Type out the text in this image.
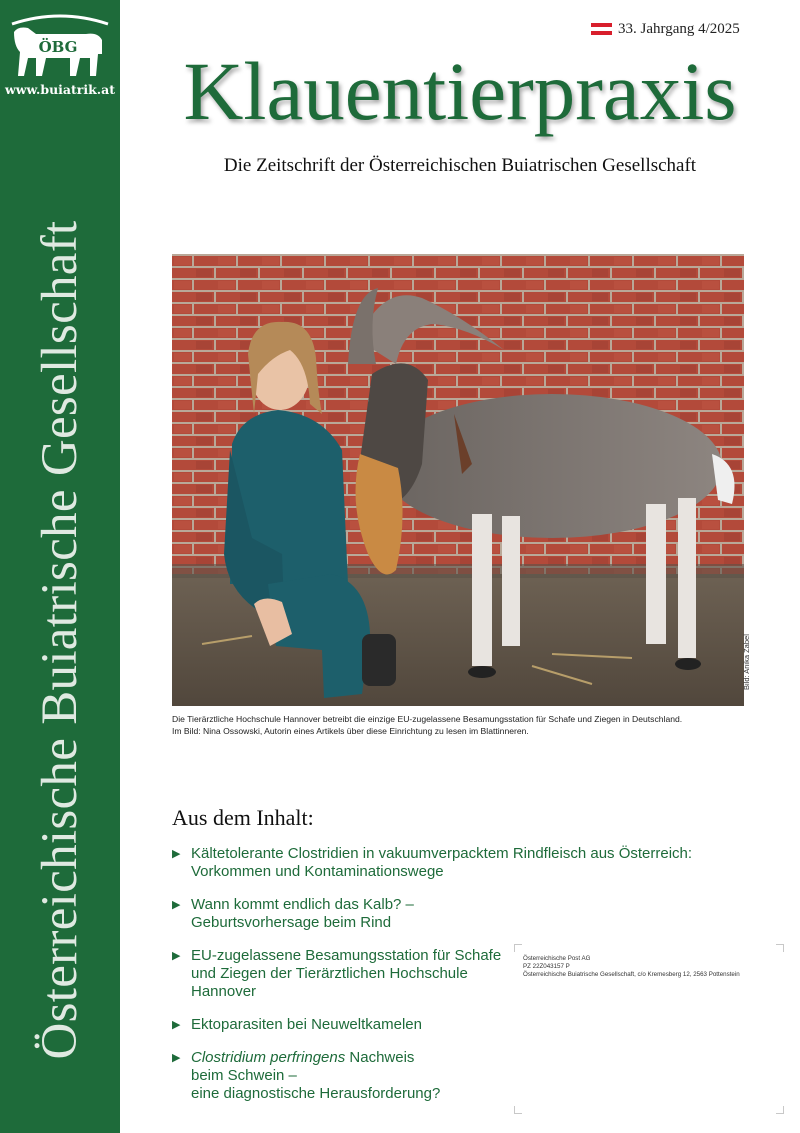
ÖBG
www.buiatrik.at
Österreichische Buiatrische Gesellschaft
33. Jahrgang 4/2025
Klauentierpraxis
Die Zeitschrift der Österreichischen Buiatrischen Gesellschaft
Bild: Anika Zabel
Die Tierärztliche Hochschule Hannover betreibt die einzige EU-zugelassene Besamungsstation für Schafe und Ziegen in Deutschland.
Im Bild: Nina Ossowski, Autorin eines Artikels über diese Einrichtung zu lesen im Blattinneren.
Aus dem Inhalt:
▶ Kältetolerante Clostridien in vakuumverpacktem Rindfleisch aus Österreich:
Vorkommen und Kontaminationswege
▶ Wann kommt endlich das Kalb? –
Geburtsvorhersage beim Rind
▶ EU-zugelassene Besamungsstation für Schafe
und Ziegen der Tierärztlichen Hochschule
Hannover
▶ Ektoparasiten bei Neuweltkamelen
▶ Clostridium perfringens Nachweis
beim Schwein –
eine diagnostische Herausforderung?
Österreichische Post AG
PZ 22Z043157 P
Österreichische Buiatrische Gesellschaft, c/o Kremesberg 12, 2563 Pottenstein
